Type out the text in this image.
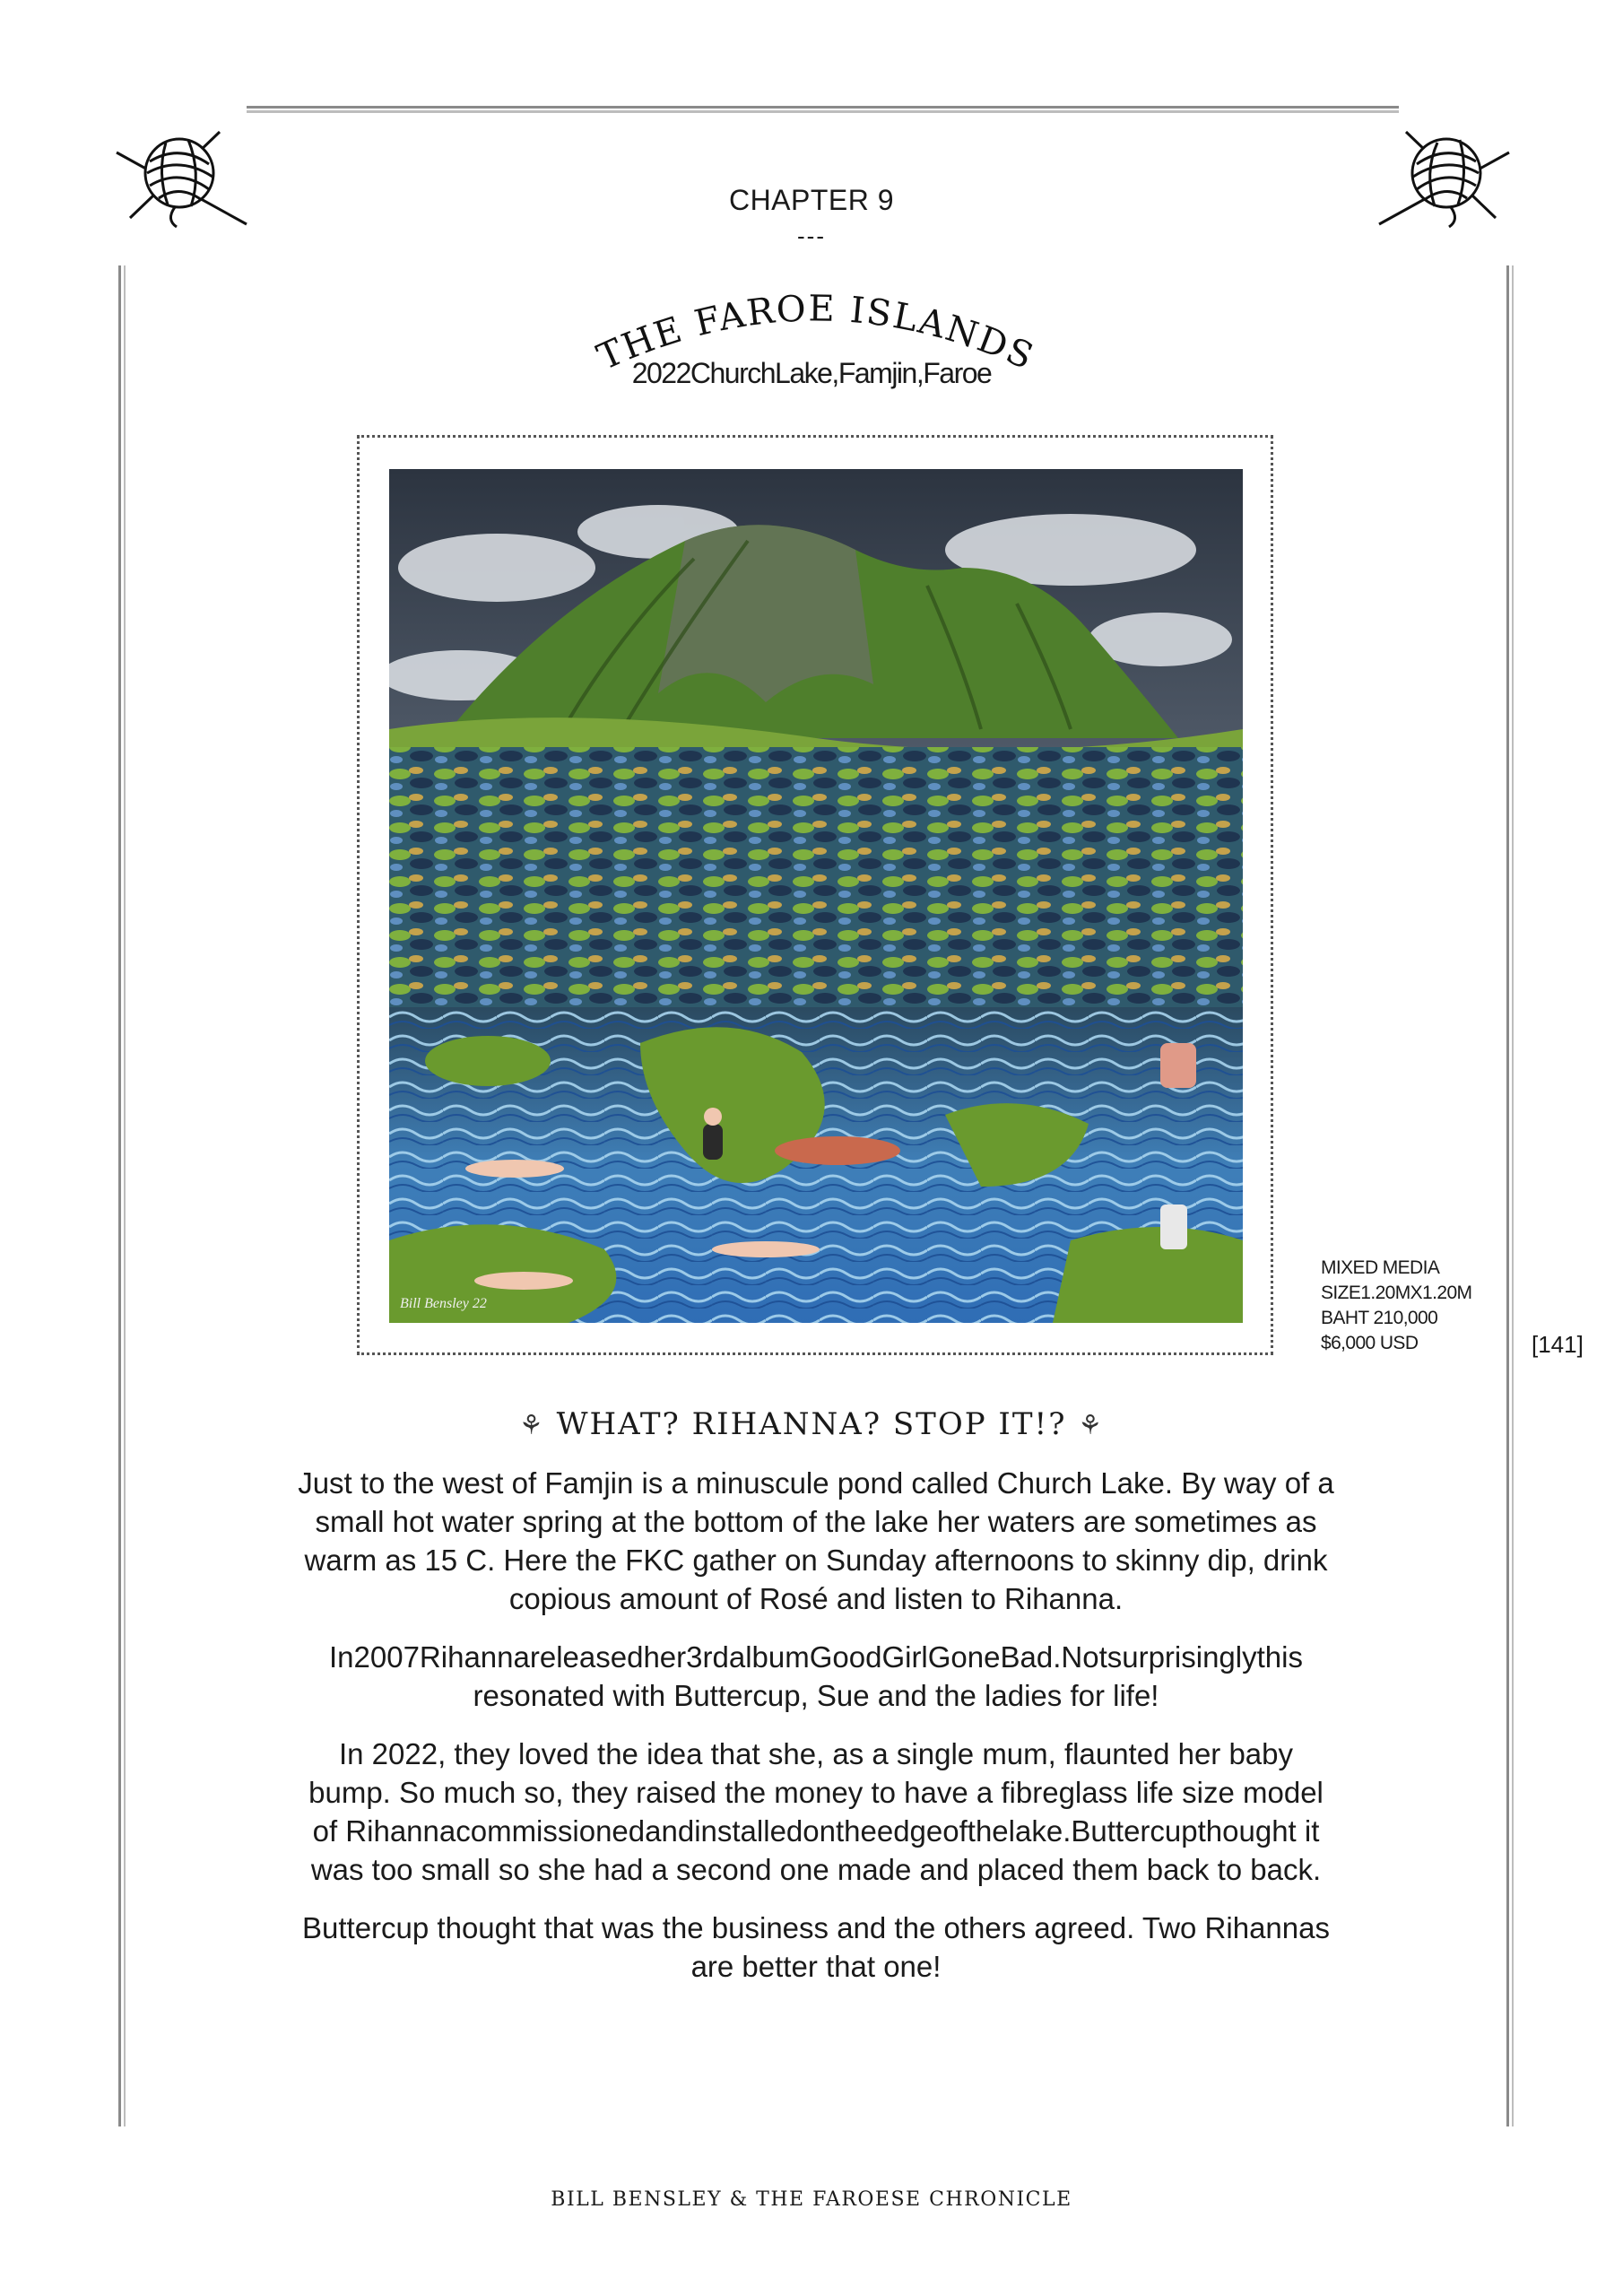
CHAPTER 9
---
THE FAROE ISLANDS
2022ChurchLake,Famjin,Faroe
Bill Bensley 22
MIXED MEDIA
SIZE1.20MX1.20M
BAHT 210,000
$6,000 USD	[141]
⚘ WHAT? RIHANNA? STOP IT!? ⚘

Just to the west of Famjin is a minuscule pond called Church Lake. By way of a small hot water spring at the bottom of the lake her waters are sometimes as warm as 15 C. Here the FKC gather on Sunday afternoons to skinny dip, drink copious amount of Rosé and listen to Rihanna.

In2007Rihannareleasedher3rdalbumGoodGirlGoneBad.Notsurprisinglythis resonated with Buttercup, Sue and the ladies for life!

In 2022, they loved the idea that she, as a single mum, flaunted her baby bump. So much so, they raised the money to have a fibreglass life size model of Rihannacommissionedandinstalledontheedgeofthelake.Buttercupthought it was too small so she had a second one made and placed them back to back.

Buttercup thought that was the business and the others agreed. Two Rihannas are better that one!

BILL BENSLEY & THE FAROESE CHRONICLE
